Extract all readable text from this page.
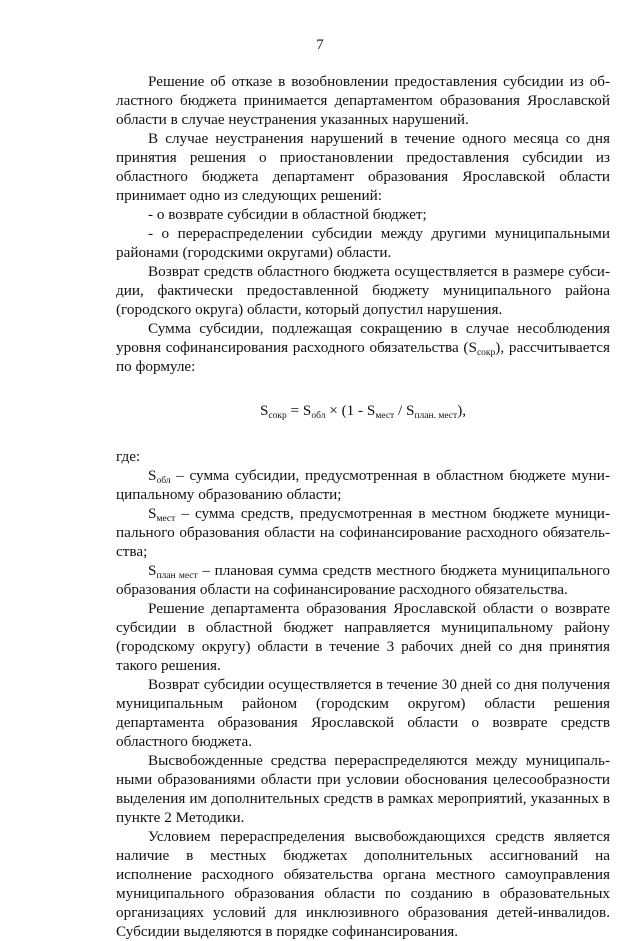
7

Решение об отказе в возобновлении предоставления субсидии из областного бюджета принимается департаментом образования Ярославской области в случае неустранения указанных нарушений.

В случае неустранения нарушений в течение одного месяца со дня принятия решения о приостановлении предоставления субсидии из областного бюджета департамент образования Ярославской области принимает одно из следующих решений:

- о возврате субсидии в областной бюджет;

- о перераспределении субсидии между другими муниципальными районами (городскими округами) области.

Возврат средств областного бюджета осуществляется в размере субсидии, фактически предоставленной бюджету муниципального района (городского округа) области, который допустил нарушения.

Сумма субсидии, подлежащая сокращению в случае несоблюдения уровня софинансирования расходного обязательства $(S_{сокр})$, рассчитывается по формуле:

$S_{сокр} = S_{обл} \times (1 - S_{мест} / S_{план. мест})$,

где:

$S_{обл}$ – сумма субсидии, предусмотренная в областном бюджете муниципальному образованию области;

$S_{мест}$ – сумма средств, предусмотренная в местном бюджете муниципального образования области на софинансирование расходного обязательства;

$S_{план мест}$ – плановая сумма средств местного бюджета муниципального образования области на софинансирование расходного обязательства.

Решение департамента образования Ярославской области о возврате субсидии в областной бюджет направляется муниципальному району (городскому округу) области в течение 3 рабочих дней со дня принятия такого решения.

Возврат субсидии осуществляется в течение 30 дней со дня получения муниципальным районом (городским округом) области решения департамента образования Ярославской области о возврате средств областного бюджета.

Высвобожденные средства перераспределяются между муниципальными образованиями области при условии обоснования целесообразности выделения им дополнительных средств в рамках мероприятий, указанных в пункте 2 Методики.

Условием перераспределения высвобождающихся средств является наличие в местных бюджетах дополнительных ассигнований на исполнение расходного обязательства органа местного самоуправления муниципального образования области по созданию в образовательных организациях условий для инклюзивного образования детей-инвалидов. Субсидии выделяются в порядке софинансирования.
